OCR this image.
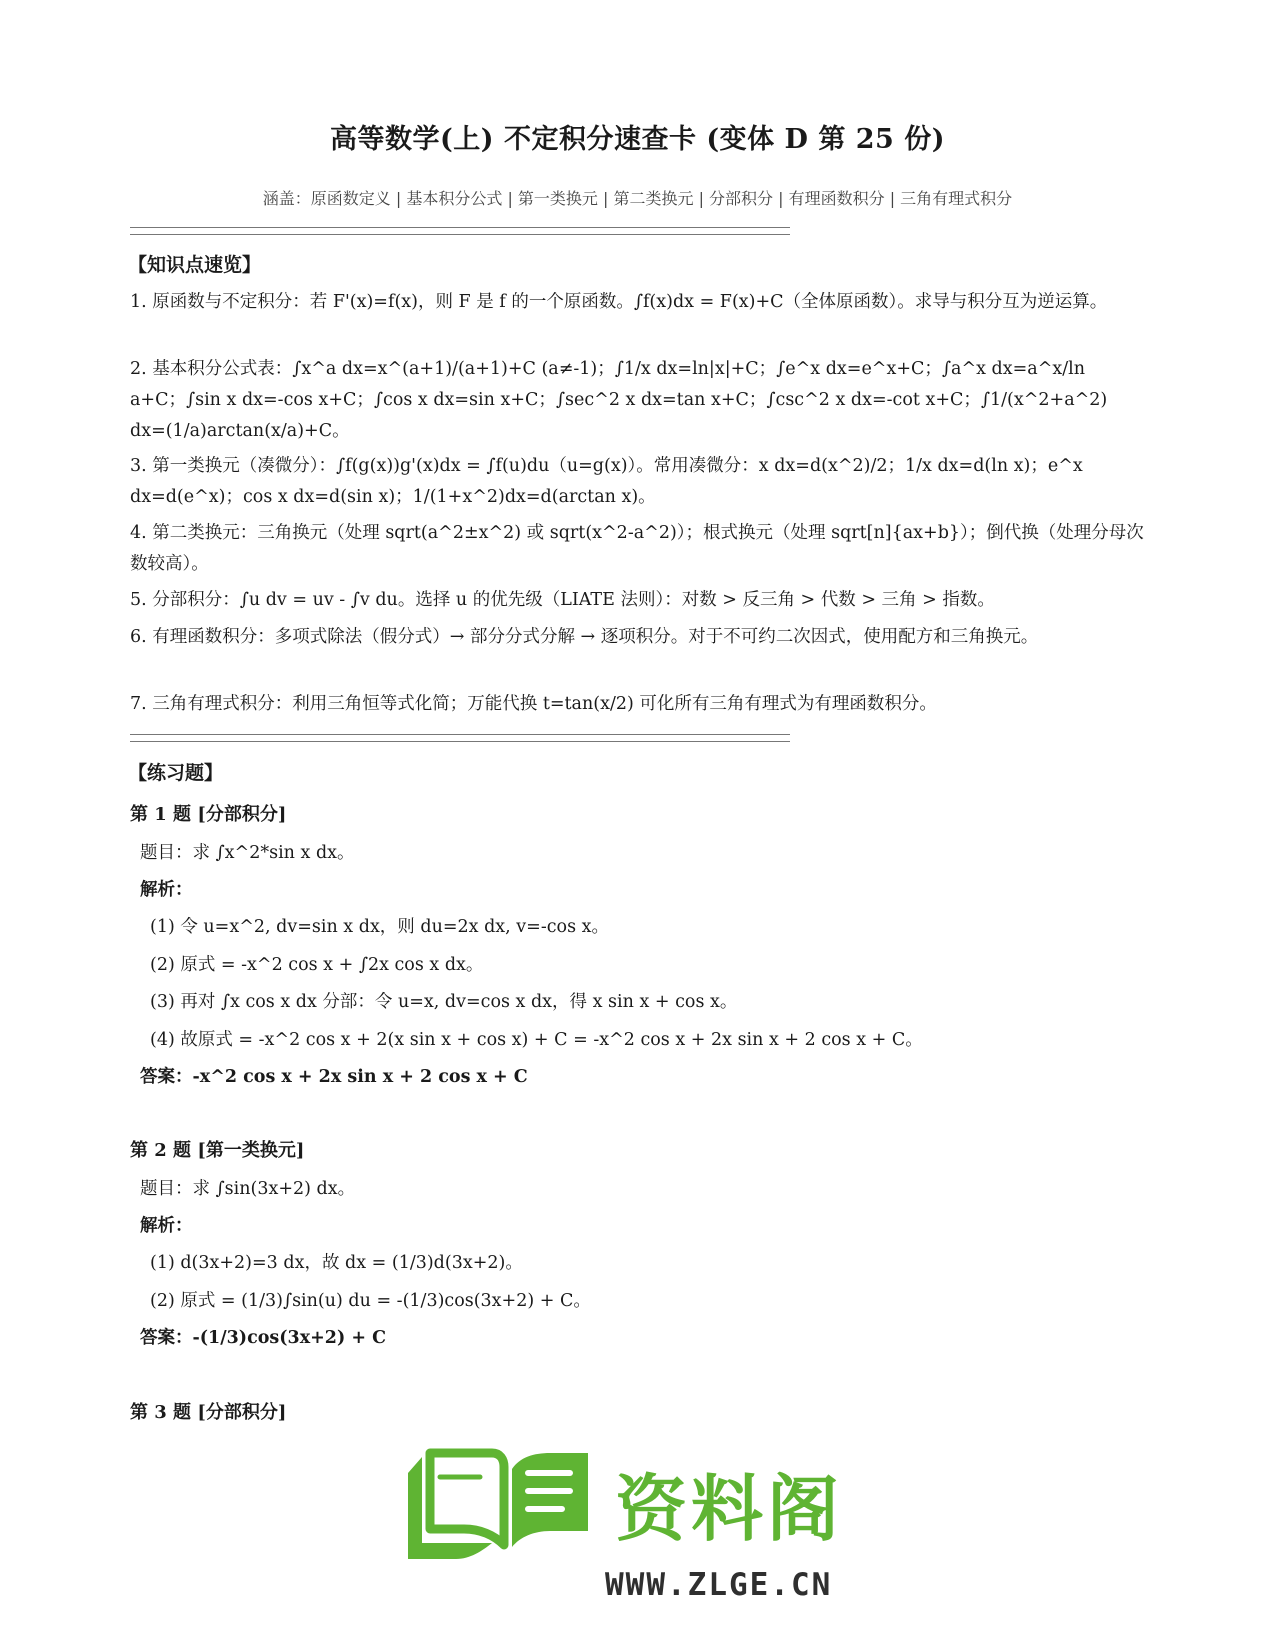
高等数学(上) 不定积分速查卡 (变体 D 第 25 份)
涵盖：原函数定义 | 基本积分公式 | 第一类换元 | 第二类换元 | 分部积分 | 有理函数积分 | 三角有理式积分
【知识点速览】

1. 原函数与不定积分：若 F'(x)=f(x)，则 F 是 f 的一个原函数。∫f(x)dx = F(x)+C（全体原函数）。求导与积分互为逆运算。

2. 基本积分公式表：∫x^a dx=x^(a+1)/(a+1)+C (a≠-1)；∫1/x dx=ln|x|+C；∫e^x dx=e^x+C；∫a^x dx=a^x/ln a+C；∫sin x dx=-cos x+C；∫cos x dx=sin x+C；∫sec^2 x dx=tan x+C；∫csc^2 x dx=-cot x+C；∫1/(x^2+a^2) dx=(1/a)arctan(x/a)+C。

3. 第一类换元（凑微分）：∫f(g(x))g'(x)dx = ∫f(u)du（u=g(x)）。常用凑微分：x dx=d(x^2)/2；1/x dx=d(ln x)；e^x dx=d(e^x)；cos x dx=d(sin x)；1/(1+x^2)dx=d(arctan x)。

4. 第二类换元：三角换元（处理 sqrt(a^2±x^2) 或 sqrt(x^2-a^2)）；根式换元（处理 sqrt[n]{ax+b}）；倒代换（处理分母次数较高）。

5. 分部积分：∫u dv = uv - ∫v du。选择 u 的优先级（LIATE 法则）：对数 > 反三角 > 代数 > 三角 > 指数。

6. 有理函数积分：多项式除法（假分式）→ 部分分式分解 → 逐项积分。对于不可约二次因式，使用配方和三角换元。

7. 三角有理式积分：利用三角恒等式化简；万能代换 t=tan(x/2) 可化所有三角有理式为有理函数积分。

【练习题】
第 1 题 [分部积分]
题目：求 ∫x^2*sin x dx。
解析：
(1) 令 u=x^2, dv=sin x dx，则 du=2x dx, v=-cos x。
(2) 原式 = -x^2 cos x + ∫2x cos x dx。
(3) 再对 ∫x cos x dx 分部：令 u=x, dv=cos x dx，得 x sin x + cos x。
(4) 故原式 = -x^2 cos x + 2(x sin x + cos x) + C = -x^2 cos x + 2x sin x + 2 cos x + C。
答案：-x^2 cos x + 2x sin x + 2 cos x + C
第 2 题 [第一类换元]
题目：求 ∫sin(3x+2) dx。
解析：
(1) d(3x+2)=3 dx，故 dx = (1/3)d(3x+2)。
(2) 原式 = (1/3)∫sin(u) du = -(1/3)cos(3x+2) + C。
答案：-(1/3)cos(3x+2) + C
第 3 题 [分部积分]
资料阁
WWW.ZLGE.CN
